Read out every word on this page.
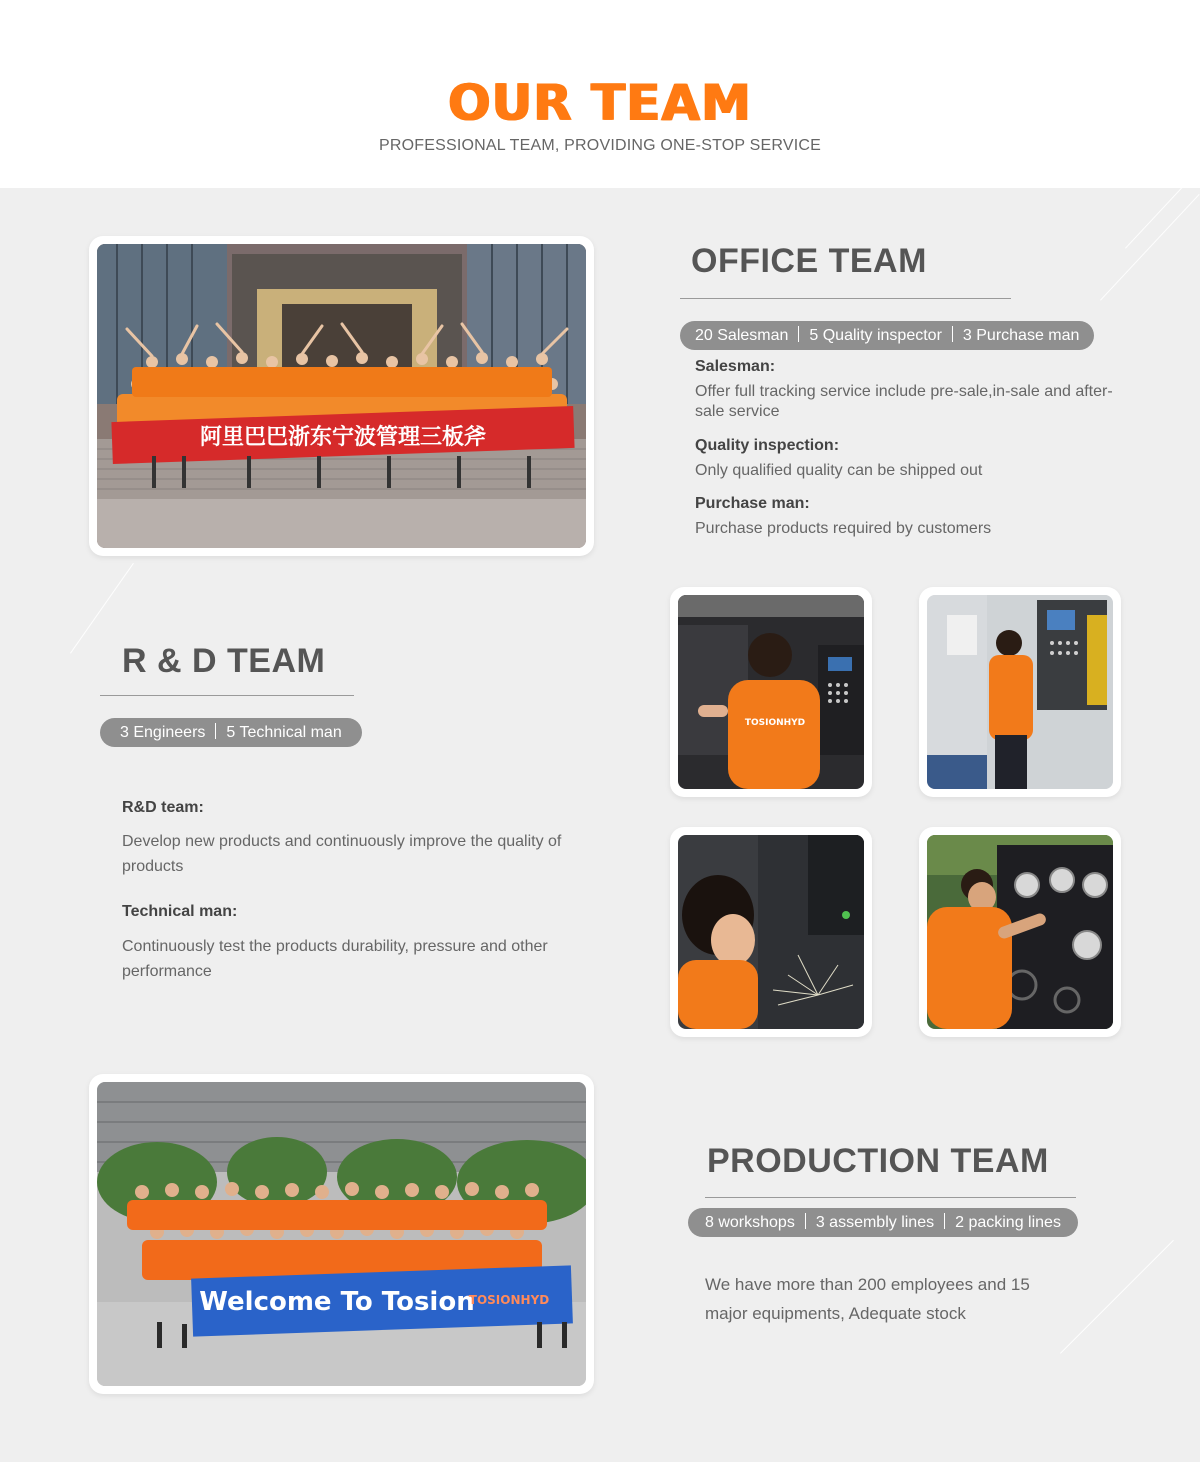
OUR TEAM
PROFESSIONAL TEAM, PROVIDING ONE-STOP SERVICE
阿里巴巴浙东宁波管理三板斧
OFFICE TEAM
20 Salesman 5 Quality inspector 3 Purchase man
Salesman:
Offer full tracking service include pre-sale,in-sale and after-sale service
Quality inspection:
Only qualified quality can be shipped out
Purchase man:
Purchase products required by customers
R & D TEAM
3 Engineers 5 Technical man
R&D team:
Develop new products and continuously improve the quality of products
Technical man:
Continuously test the products durability, pressure and other performance
TOSIONHYD
Welcome To Tosion
TOSIONHYD
PRODUCTION TEAM
8 workshops 3 assembly lines 2 packing lines
We have more than 200 employees and 15 major equipments, Adequate stock
